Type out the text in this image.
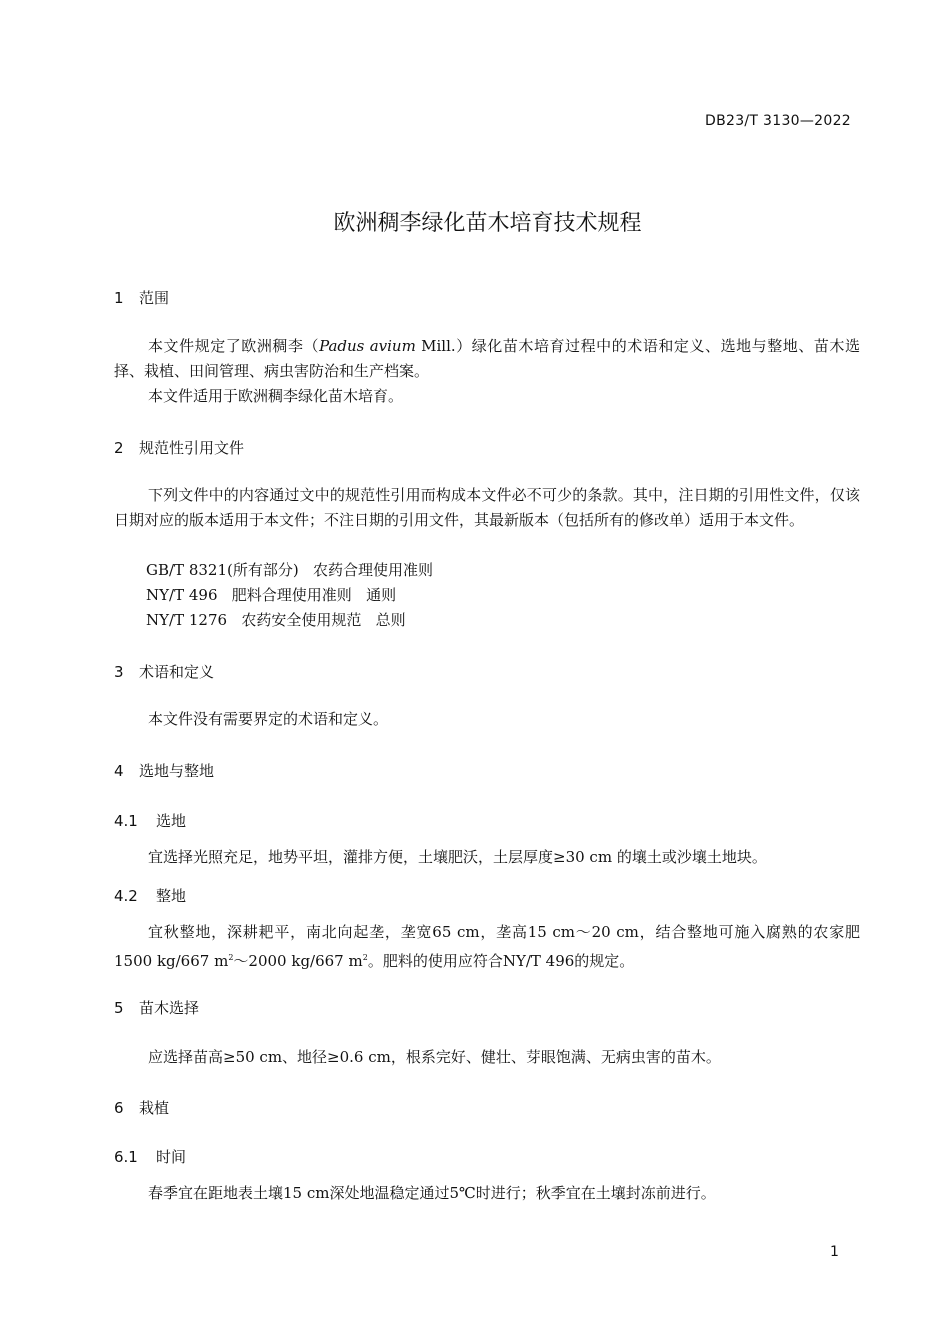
DB23/T 3130—2022
欧洲稠李绿化苗木培育技术规程
1 范围
本文件规定了欧洲稠李（Padus avium Mill.）绿化苗木培育过程中的术语和定义、选地与整地、苗木选择、栽植、田间管理、病虫害防治和生产档案。
本文件适用于欧洲稠李绿化苗木培育。
2 规范性引用文件
下列文件中的内容通过文中的规范性引用而构成本文件必不可少的条款。其中，注日期的引用性文件，仅该日期对应的版本适用于本文件；不注日期的引用文件，其最新版本（包括所有的修改单）适用于本文件。
GB/T 8321(所有部分)   农药合理使用准则
NY/T 496   肥料合理使用准则   通则
NY/T 1276   农药安全使用规范   总则
3 术语和定义
本文件没有需要界定的术语和定义。
4 选地与整地
4.1 选地
宜选择光照充足，地势平坦，灌排方便，土壤肥沃，土层厚度≥30 cm 的壤土或沙壤土地块。
4.2 整地
宜秋整地，深耕耙平，南北向起垄，垄宽65 cm，垄高15 cm～20 cm，结合整地可施入腐熟的农家肥1500 kg/667 $m^2\sim 2000$ kg/667 $m^2$。肥料的使用应符合NY/T 496的规定。
5 苗木选择
应选择苗高≥50 cm、地径≥0.6 cm，根系完好、健壮、芽眼饱满、无病虫害的苗木。
6 栽植
6.1 时间
春季宜在距地表土壤15 cm深处地温稳定通过5℃时进行；秋季宜在土壤封冻前进行。
1
